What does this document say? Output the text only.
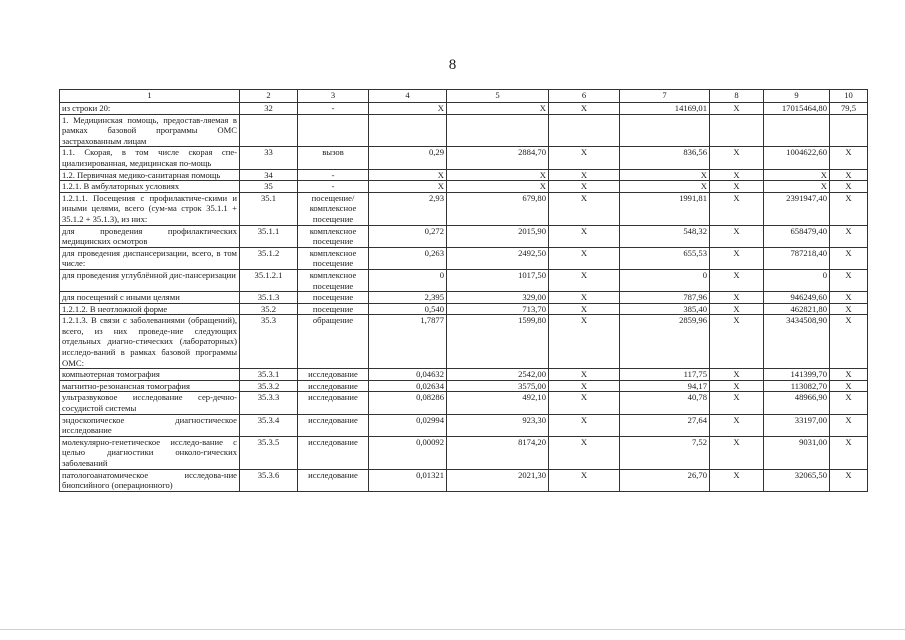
8
1	2	3	4	5	6	7	8	9	10
из строки 20:	32	-	X	X	X	14169,01	X	17015464,80	79,5
1. Медицинская помощь, предостав-ляемая в рамках базовой программы ОМС застрахованным лицам									
1.1. Скорая, в том числе скорая спе-циализированная, медицинская по-мощь	33	вызов	0,29	2884,70	X	836,56	X	1004622,60	X
1.2. Первичная медико-санитарная помощь	34	-	X	X	X	X	X	X	X
1.2.1. В амбулаторных условиях	35	-	X	X	X	X	X	X	X
1.2.1.1. Посещения с профилактиче-скими и иными целями, всего (сум-ма строк 35.1.1 + 35.1.2 + 35.1.3), из них:	35.1	посещение/ комплексное посещение	2,93	679,80	X	1991,81	X	2391947,40	X
для проведения профилактических медицинских осмотров	35.1.1	комплексное посещение	0,272	2015,90	X	548,32	X	658479,40	X
для проведения диспансеризации, всего, в том числе:	35.1.2	комплексное посещение	0,263	2492,50	X	655,53	X	787218,40	X
для проведения углублённой дис-пансеризации	35.1.2.1	комплексное посещение	0	1017,50	X	0	X	0	X
для посещений с иными целями	35.1.3	посещение	2,395	329,00	X	787,96	X	946249,60	X
1.2.1.2. В неотложной форме	35.2	посещение	0,540	713,70	X	385,40	X	462821,80	X
1.2.1.3. В связи с заболеваниями (обращений), всего, из них проведе-ние следующих отдельных диагно-стических (лабораторных) исследо-ваний в рамках базовой программы ОМС:	35.3	обращение	1,7877	1599,80	X	2859,96	X	3434508,90	X
компьютерная томография	35.3.1	исследование	0,04632	2542,00	X	117,75	X	141399,70	X
магнитно-резонансная томография	35.3.2	исследование	0,02634	3575,00	X	94,17	X	113082,70	X
ультразвуковое исследование сер-дечно-сосудистой системы	35.3.3	исследование	0,08286	492,10	X	40,78	X	48966,90	X
эндоскопическое диагностическое исследование	35.3.4	исследование	0,02994	923,30	X	27,64	X	33197,00	X
молекулярно-генетическое исследо-вание с целью диагностики онколо-гических заболеваний	35.3.5	исследование	0,00092	8174,20	X	7,52	X	9031,00	X
патологоанатомическое исследова-ние биопсийного (операционного)	35.3.6	исследование	0,01321	2021,30	X	26,70	X	32065,50	X
